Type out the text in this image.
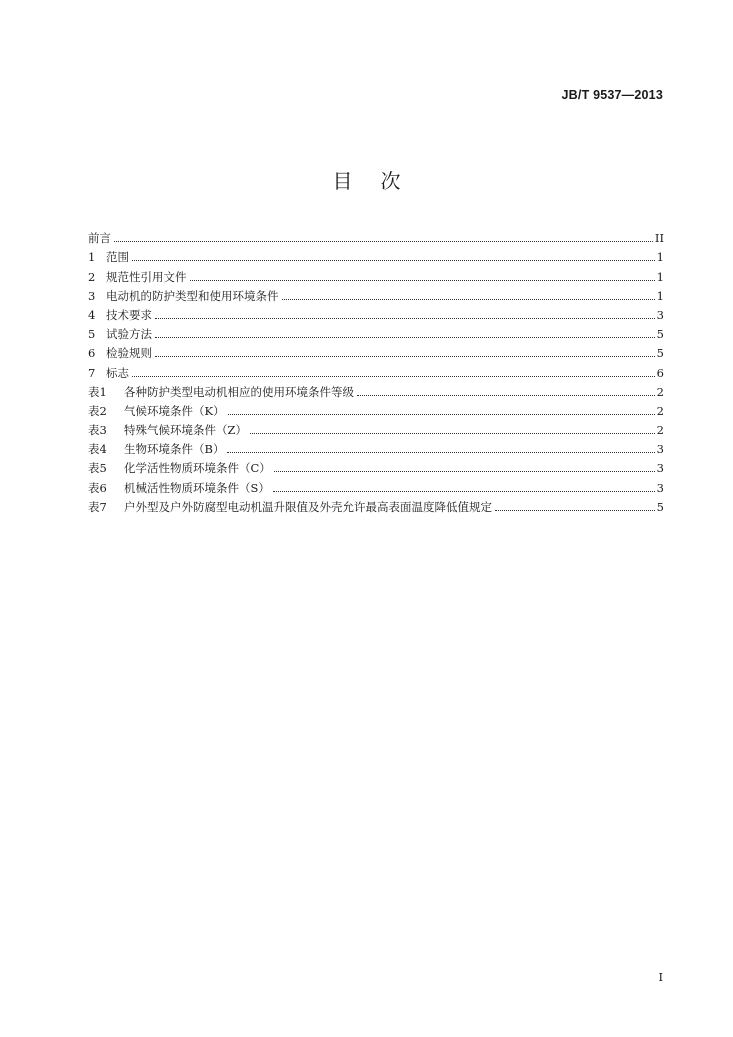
JB/T 9537—2013
目次
前言	II
1 范围	1
2 规范性引用文件	1
3 电动机的防护类型和使用环境条件	1
4 技术要求	3
5 试验方法	5
6 检验规则	5
7 标志	6
表1	各种防护类型电动机相应的使用环境条件等级	2
表2	气候环境条件（K）	2
表3	特殊气候环境条件（Z）	2
表4	生物环境条件（B）	3
表5	化学活性物质环境条件（C）	3
表6	机械活性物质环境条件（S）	3
表7	户外型及户外防腐型电动机温升限值及外壳允许最高表面温度降低值规定	5
I
